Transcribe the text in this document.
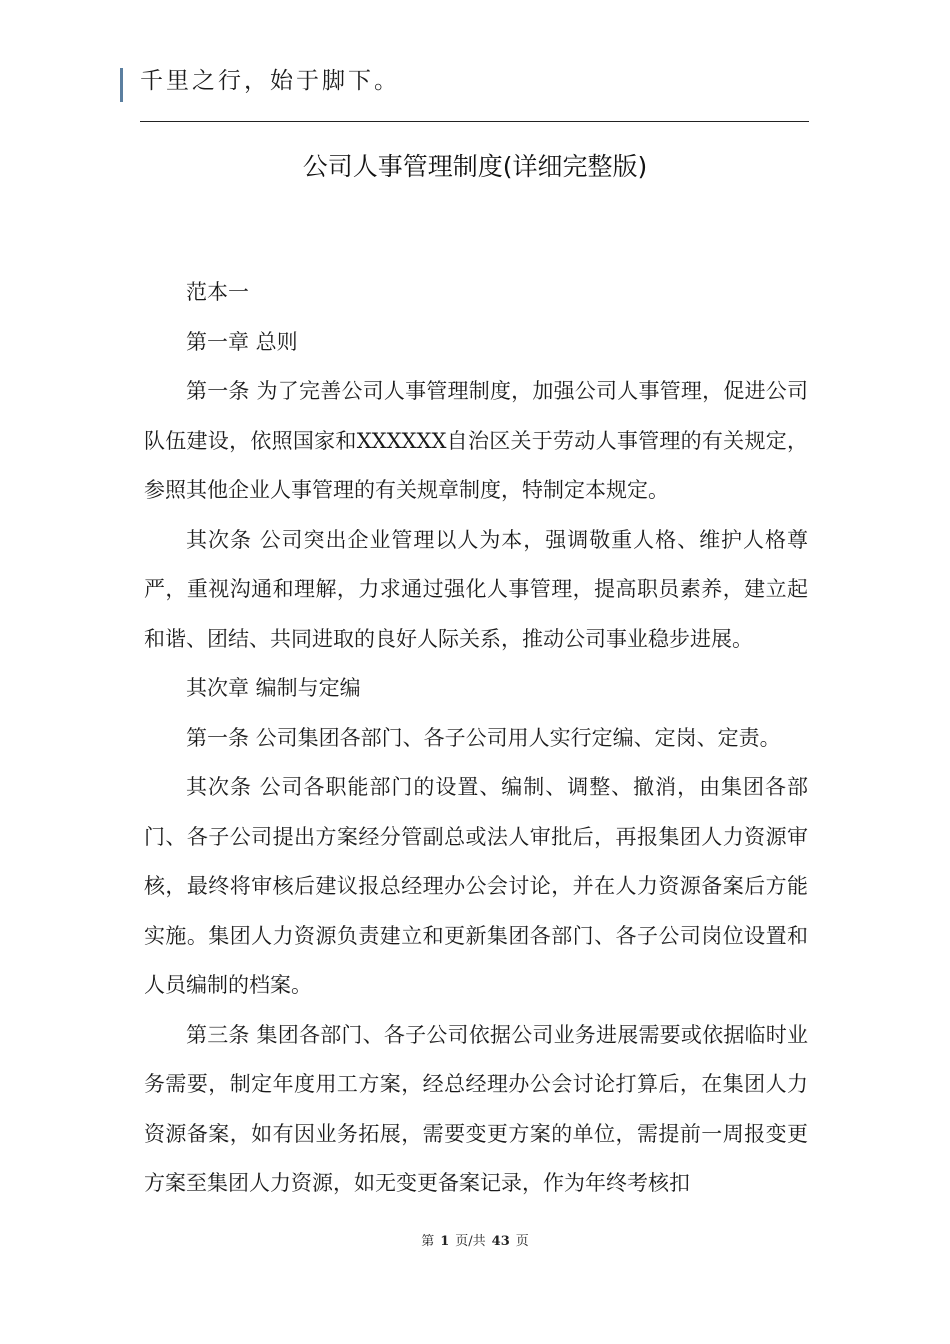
千里之行，始于脚下。
公司人事管理制度(详细完整版)

范本一

第一章 总则

第一条 为了完善公司人事管理制度，加强公司人事管理，促进公司队伍建设，依照国家和XXXXXX自治区关于劳动人事管理的有关规定，参照其他企业人事管理的有关规章制度，特制定本规定。

其次条 公司突出企业管理以人为本，强调敬重人格、维护人格尊严，重视沟通和理解，力求通过强化人事管理，提高职员素养，建立起和谐、团结、共同进取的良好人际关系，推动公司事业稳步进展。

其次章 编制与定编

第一条 公司集团各部门、各子公司用人实行定编、定岗、定责。

其次条 公司各职能部门的设置、编制、调整、撤消，由集团各部门、各子公司提出方案经分管副总或法人审批后，再报集团人力资源审核，最终将审核后建议报总经理办公会讨论，并在人力资源备案后方能实施。集团人力资源负责建立和更新集团各部门、各子公司岗位设置和人员编制的档案。

第三条 集团各部门、各子公司依据公司业务进展需要或依据临时业务需要，制定年度用工方案，经总经理办公会讨论打算后，在集团人力资源备案，如有因业务拓展，需要变更方案的单位，需提前一周报变更方案至集团人力资源，如无变更备案记录，作为年终考核扣

第 1 页/共 43 页
